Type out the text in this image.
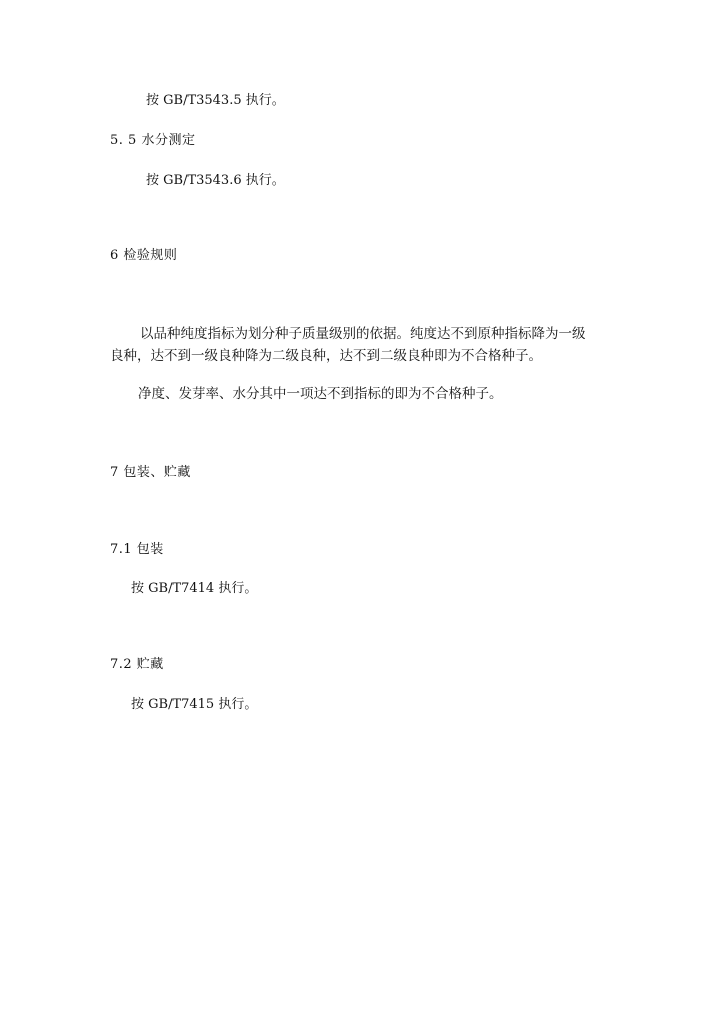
按 GB/T3543.5 执行。
5. 5 水分测定
按 GB/T3543.6 执行。
6 检验规则
以品种纯度指标为划分种子质量级别的依据。纯度达不到原种指标降为一级
良种，达不到一级良种降为二级良种，达不到二级良种即为不合格种子。
净度、发芽率、水分其中一项达不到指标的即为不合格种子。
7 包装、贮藏
7.1 包装
按 GB/T7414 执行。
7.2 贮藏
按 GB/T7415 执行。
